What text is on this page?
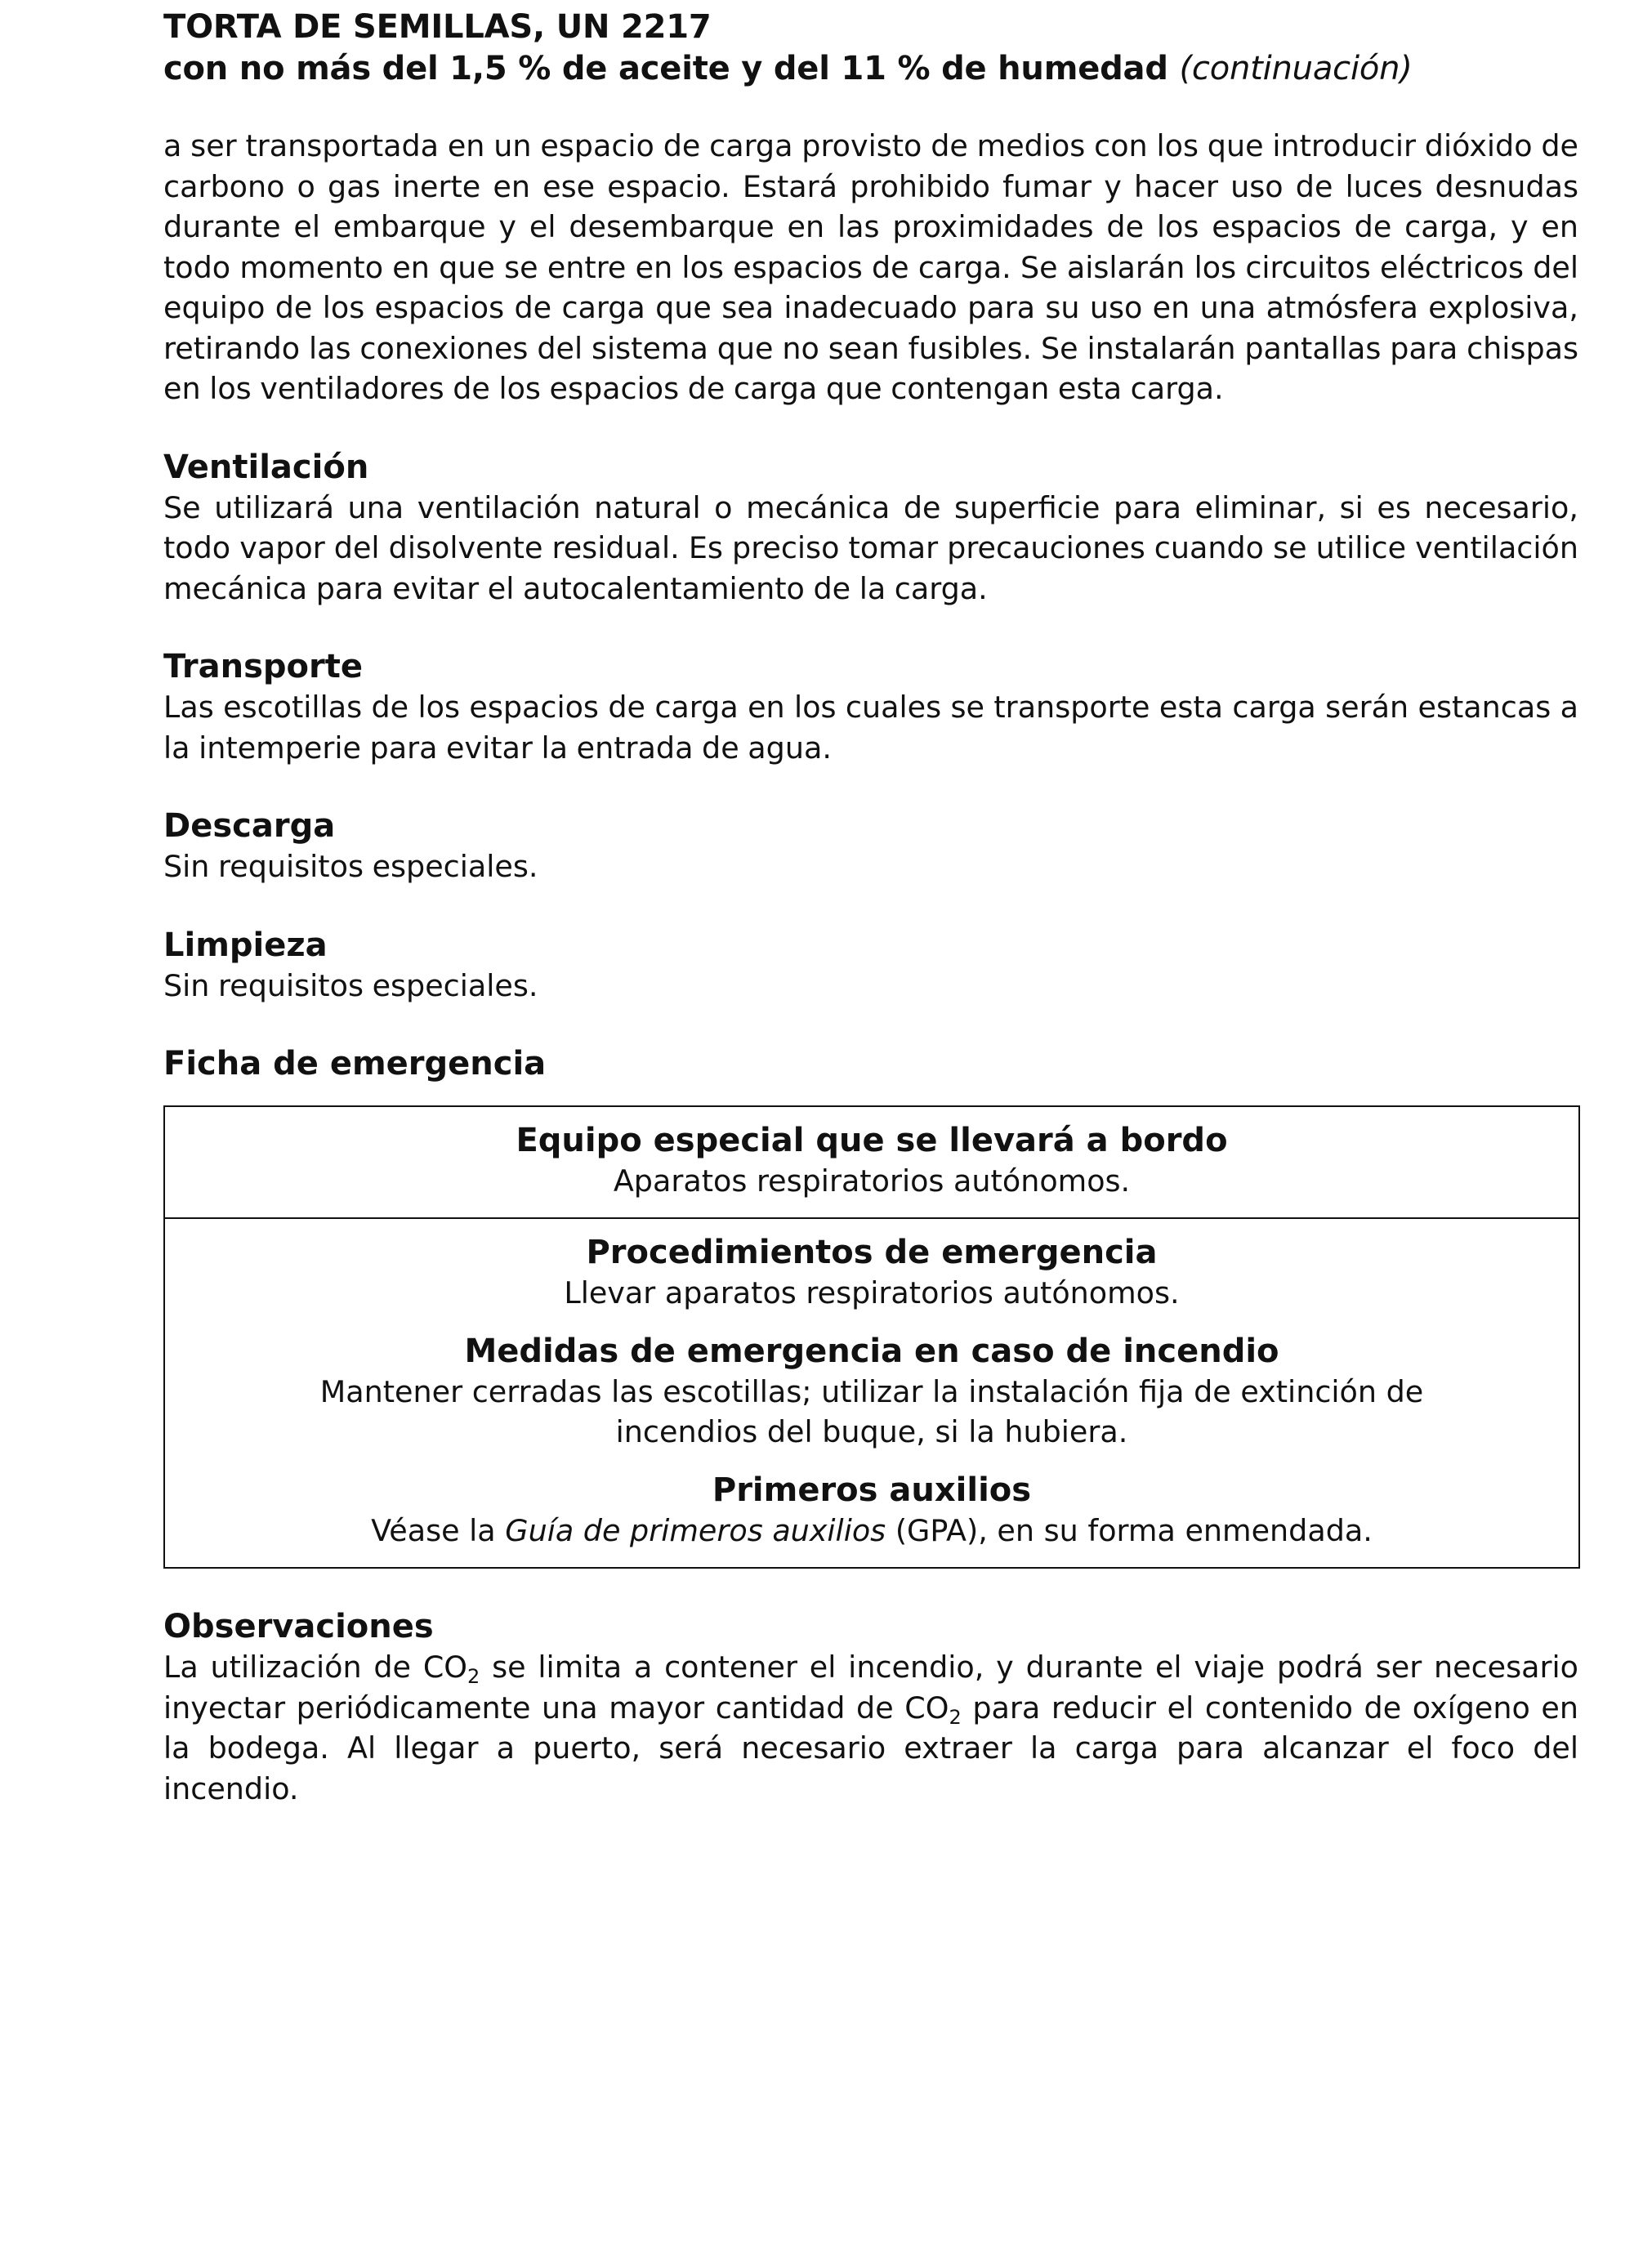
TORTA DE SEMILLAS, UN 2217
con no más del 1,5 % de aceite y del 11 % de humedad (continuación)

a ser transportada en un espacio de carga provisto de medios con los que introducir dióxido de carbono o gas inerte en ese espacio. Estará prohibido fumar y hacer uso de luces desnudas durante el embarque y el desembarque en las proximidades de los espacios de carga, y en todo momento en que se entre en los espacios de carga. Se aislarán los circuitos eléctricos del equipo de los espacios de carga que sea inadecuado para su uso en una atmósfera explosiva, retirando las conexiones del sistema que no sean fusibles. Se instalarán pantallas para chispas en los ventiladores de los espacios de carga que contengan esta carga.

Ventilación

Se utilizará una ventilación natural o mecánica de superficie para eliminar, si es necesario, todo vapor del disolvente residual. Es preciso tomar precauciones cuando se utilice ventilación mecánica para evitar el autocalentamiento de la carga.

Transporte

Las escotillas de los espacios de carga en los cuales se transporte esta carga serán estancas a la intemperie para evitar la entrada de agua.

Descarga

Sin requisitos especiales.

Limpieza

Sin requisitos especiales.

Ficha de emergencia
Equipo especial que se llevará a bordo
Aparatos respiratorios autónomos.
Procedimientos de emergencia
Llevar aparatos respiratorios autónomos.
Medidas de emergencia en caso de incendio
Mantener cerradas las escotillas; utilizar la instalación fija de extinción de incendios del buque, si la hubiera.
Primeros auxilios
Véase la Guía de primeros auxilios (GPA), en su forma enmendada.
Observaciones

La utilización de $CO_2$ se limita a contener el incendio, y durante el viaje podrá ser necesario inyectar periódicamente una mayor cantidad de $CO_2$ para reducir el contenido de oxígeno en la bodega. Al llegar a puerto, será necesario extraer la carga para alcanzar el foco del incendio.
